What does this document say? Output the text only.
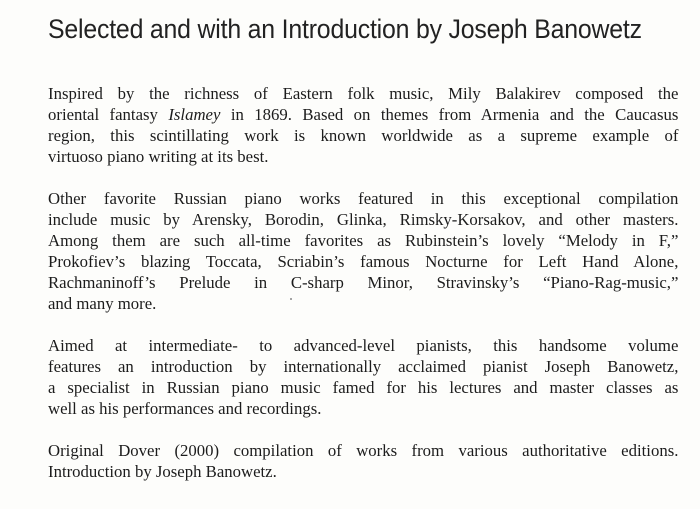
Selected and with an Introduction by Joseph Banowetz

Inspired by the richness of Eastern folk music, Mily Balakirev composed the
oriental fantasy Islamey in 1869. Based on themes from Armenia and the Caucasus
region, this scintillating work is known worldwide as a supreme example of
virtuoso piano writing at its best.

Other favorite Russian piano works featured in this exceptional compilation
include music by Arensky, Borodin, Glinka, Rimsky-Korsakov, and other masters.
Among them are such all-time favorites as Rubinstein’s lovely “Melody in F,”
Prokofiev’s blazing Toccata, Scriabin’s famous Nocturne for Left Hand Alone,
Rachmaninoff’s Prelude in C-sharp Minor, Stravinsky’s “Piano-Rag-music,”
and many more.

Aimed at intermediate- to advanced-level pianists, this handsome volume
features an introduction by internationally acclaimed pianist Joseph Banowetz,
a specialist in Russian piano music famed for his lectures and master classes as
well as his performances and recordings.

Original Dover (2000) compilation of works from various authoritative editions.
Introduction by Joseph Banowetz.
